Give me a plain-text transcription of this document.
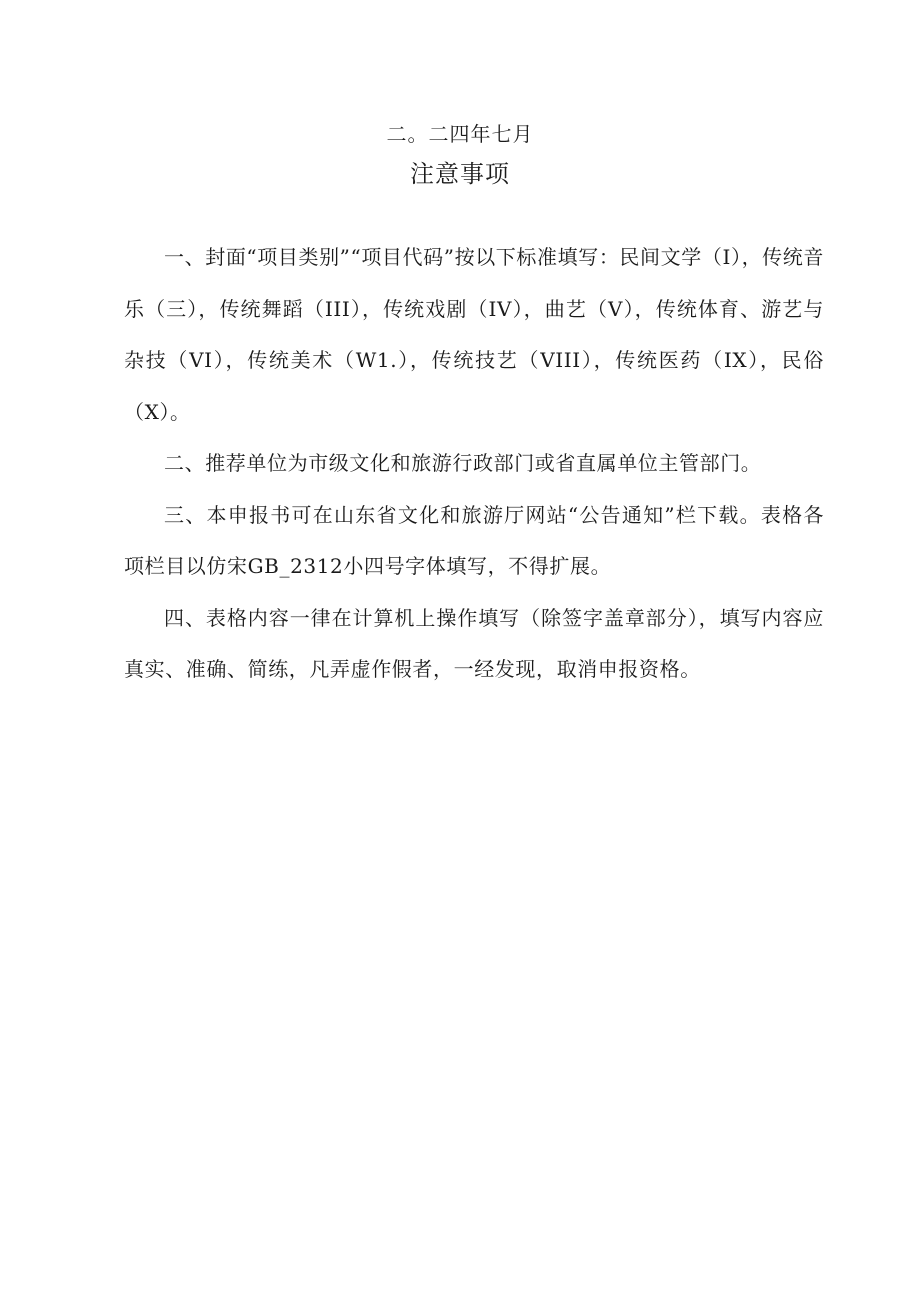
二。二四年七月
注意事项

一、封面“项目类别”“项目代码”按以下标准填写：民间文学（I），传统音乐（三），传统舞蹈（III），传统戏剧（IV），曲艺（V），传统体育、游艺与杂技（VI），传统美术（W1.），传统技艺（VIII），传统医药（IX），民俗（X）。

二、推荐单位为市级文化和旅游行政部门或省直属单位主管部门。

三、本申报书可在山东省文化和旅游厅网站“公告通知”栏下载。表格各项栏目以仿宋GB_2312小四号字体填写，不得扩展。

四、表格内容一律在计算机上操作填写（除签字盖章部分），填写内容应真实、准确、简练，凡弄虚作假者，一经发现，取消申报资格。
